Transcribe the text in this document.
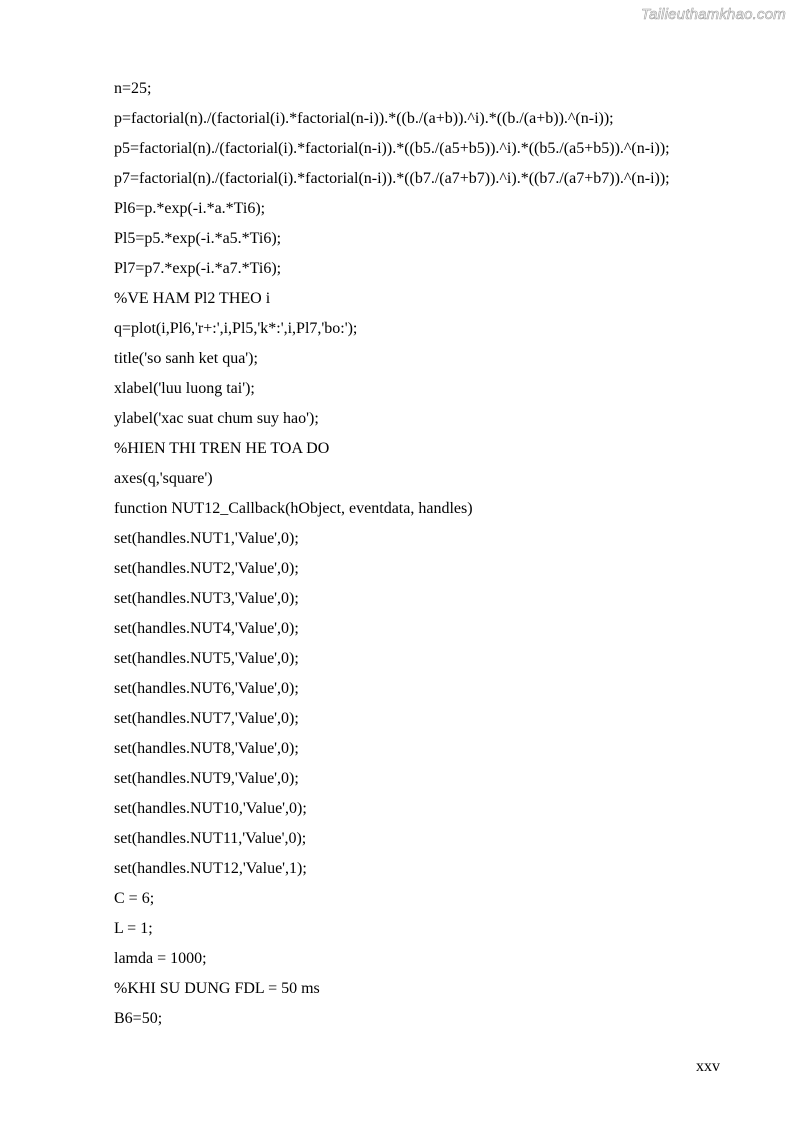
Tailieuthamkhao.com
n=25;
p=factorial(n)./(factorial(i).*factorial(n-i)).*((b./(a+b)).^i).*((b./(a+b)).^(n-i));
p5=factorial(n)./(factorial(i).*factorial(n-i)).*((b5./(a5+b5)).^i).*((b5./(a5+b5)).^(n-i));
p7=factorial(n)./(factorial(i).*factorial(n-i)).*((b7./(a7+b7)).^i).*((b7./(a7+b7)).^(n-i));
Pl6=p.*exp(-i.*a.*Ti6);
Pl5=p5.*exp(-i.*a5.*Ti6);
Pl7=p7.*exp(-i.*a7.*Ti6);
%VE HAM Pl2 THEO i
q=plot(i,Pl6,'r+:',i,Pl5,'k*:',i,Pl7,'bo:');
title('so sanh ket qua');
xlabel('luu luong tai');
ylabel('xac suat chum suy hao');
%HIEN THI TREN HE TOA DO
axes(q,'square')
function NUT12_Callback(hObject, eventdata, handles)
set(handles.NUT1,'Value',0);
set(handles.NUT2,'Value',0);
set(handles.NUT3,'Value',0);
set(handles.NUT4,'Value',0);
set(handles.NUT5,'Value',0);
set(handles.NUT6,'Value',0);
set(handles.NUT7,'Value',0);
set(handles.NUT8,'Value',0);
set(handles.NUT9,'Value',0);
set(handles.NUT10,'Value',0);
set(handles.NUT11,'Value',0);
set(handles.NUT12,'Value',1);
C = 6;
L = 1;
lamda = 1000;
%KHI SU DUNG FDL = 50 ms
B6=50;
xxv
